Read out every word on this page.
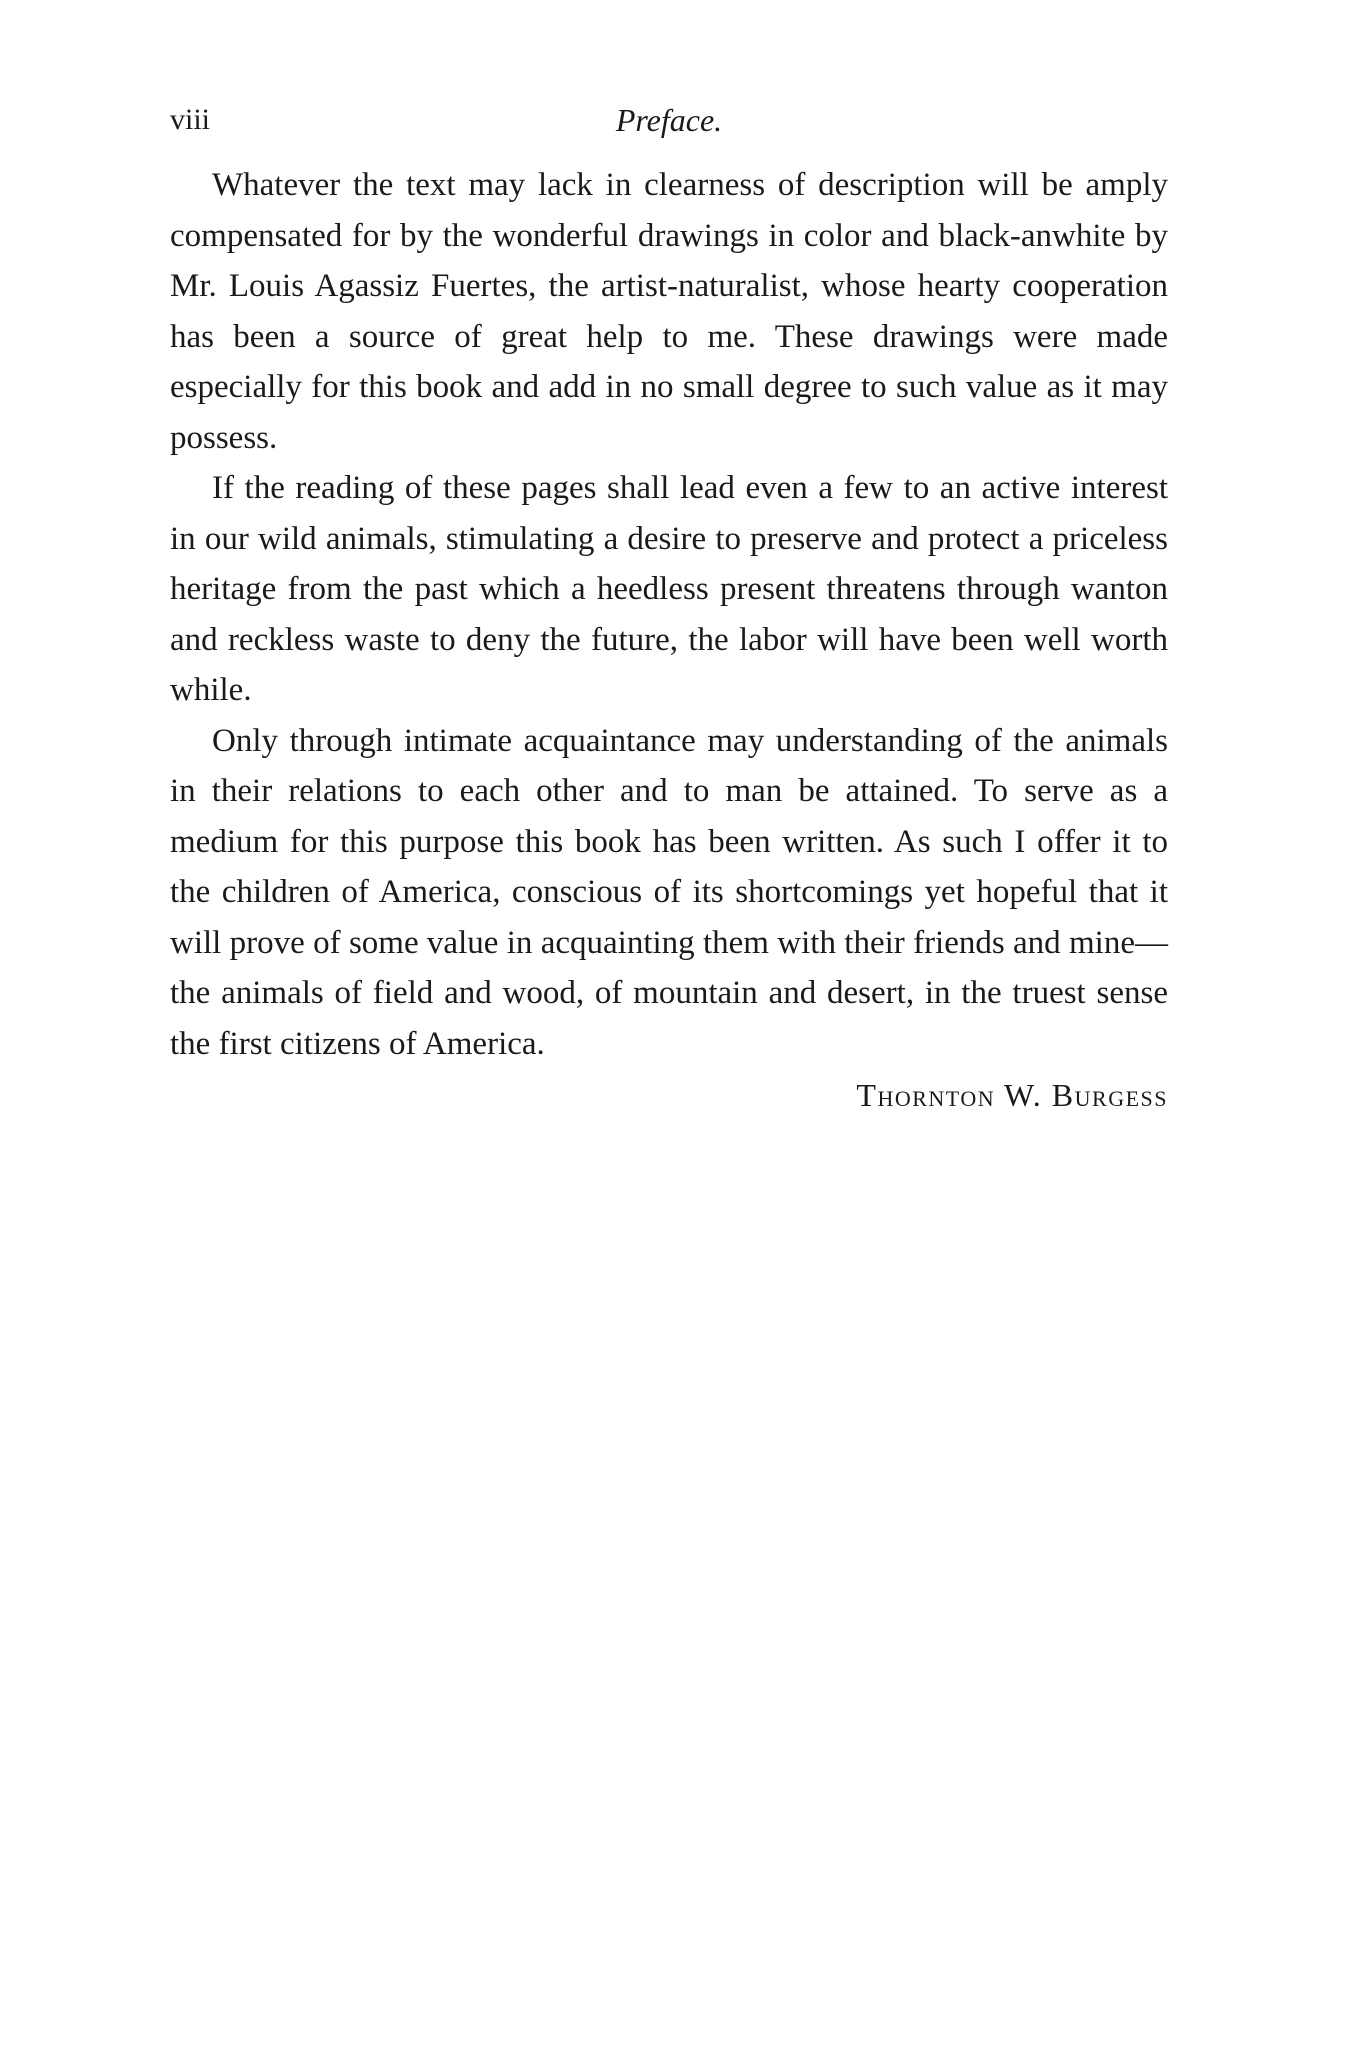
viii	Preface.

Whatever the text may lack in clearness of description will be amply compensated for by the wonderful drawings in color and black-anwhite by Mr. Louis Agassiz Fuertes, the artist-naturalist, whose hearty cooperation has been a source of great help to me. These drawings were made especially for this book and add in no small degree to such value as it may possess.

If the reading of these pages shall lead even a few to an active interest in our wild animals, stimulating a desire to preserve and protect a priceless heritage from the past which a heedless present threatens through wanton and reckless waste to deny the future, the labor will have been well worth while.

Only through intimate acquaintance may understanding of the animals in their relations to each other and to man be attained. To serve as a medium for this purpose this book has been written. As such I offer it to the children of America, conscious of its shortcomings yet hopeful that it will prove of some value in acquainting them with their friends and mine—the animals of field and wood, of mountain and desert, in the truest sense the first citizens of America.

Thornton W. Burgess
